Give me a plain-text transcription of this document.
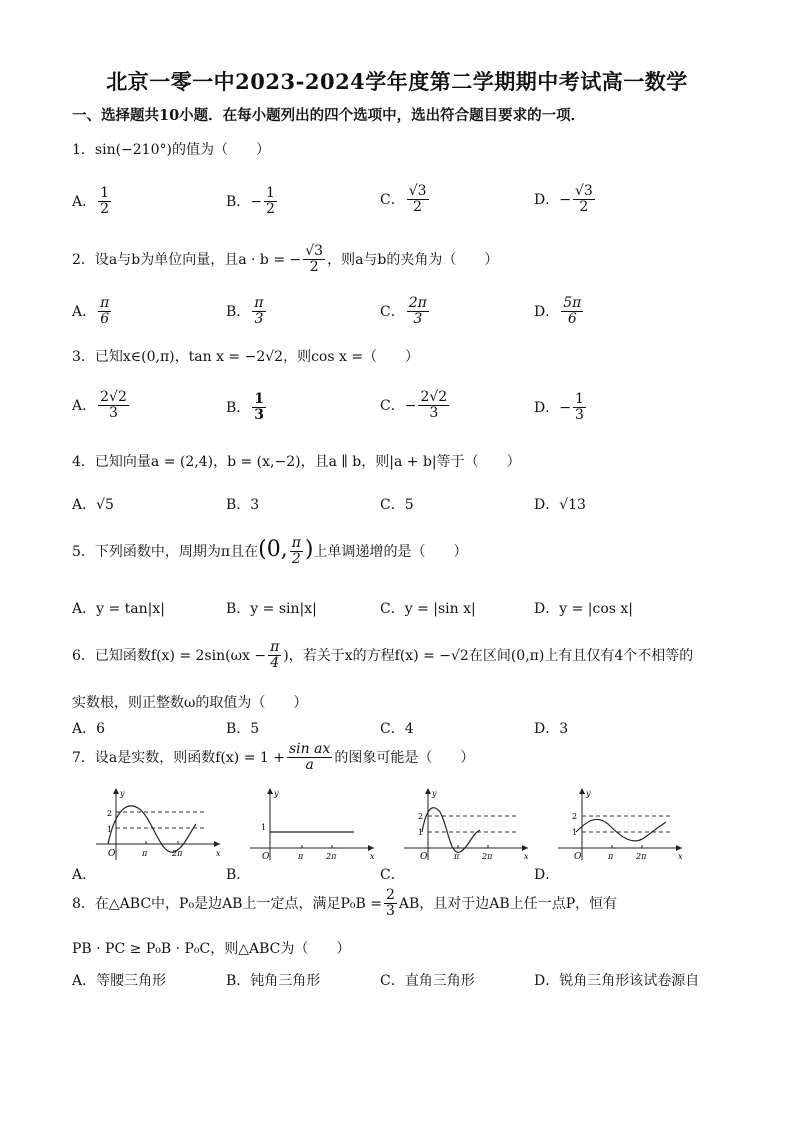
北京一零一中2023-2024学年度第二学期期中考试高一数学
一、选择题共10小题．在每小题列出的四个选项中，选出符合题目要求的一项．
1．sin(−210°)的值为（　　）
A． $\frac{1}{2}$	B．− $\frac{1}{2}$	C． $\frac{√3}{2}$	D．− $\frac{√3}{2}$
2．设a与b为单位向量，且a · b = − $\frac{√3}{2}$ ，则a与b的夹角为（　　）
A． $\frac{\pi}{6}$	B． $\frac{\pi}{3}$	C． $\frac{2\pi}{3}$	D． $\frac{5\pi}{6}$
3．已知x∈(0,π)，tan x = −2√2，则cos x =（　　）
A． $\frac{2√2}{3}$	B． $\frac{1}{3}$	C．− $\frac{2√2}{3}$	D．− $\frac{1}{3}$
4．已知向量a = (2,4)，b = (x,−2)，且a ∥ b，则|a + b|等于（　　）
A．√5	B．3	C．5	D．√13
5．下列函数中，周期为π且在(0, $\frac{\pi}{2}$ )上单调递增的是（　　）
A．y = tan|x|	B．y = sin|x|	C．y = |sin x|	D．y = |cos x|
6．已知函数$f(x) = 2\sin(\omega x - \frac{\pi}{4}$ )，若关于x的方程f(x) = −√2在区间(0,π)上有且仅有4个不相等的
实数根，则正整数ω的取值为（　　）
A．6	B．5	C．4	D．3
7．设a是实数，则函数$f(x) = 1 + \frac{\text{sin ax}}{a}$ 的图象可能是（　　）
A．	B．	C．	D．
y
x
O
2
1
π	2π
y
x
O
1
π	2π
y
x
O
2
1
π	2π
y
x
O
2
1
π	2π
8．在△ABC中，P₀是边AB上一定点，满足$P_0B = \frac{2}{3}$ AB，且对于边AB上任一点P，恒有
PB · PC ≥ P₀B · P₀C，则△ABC为（　　）
A．等腰三角形	B．钝角三角形	C．直角三角形	D．锐角三角形该试卷源自
